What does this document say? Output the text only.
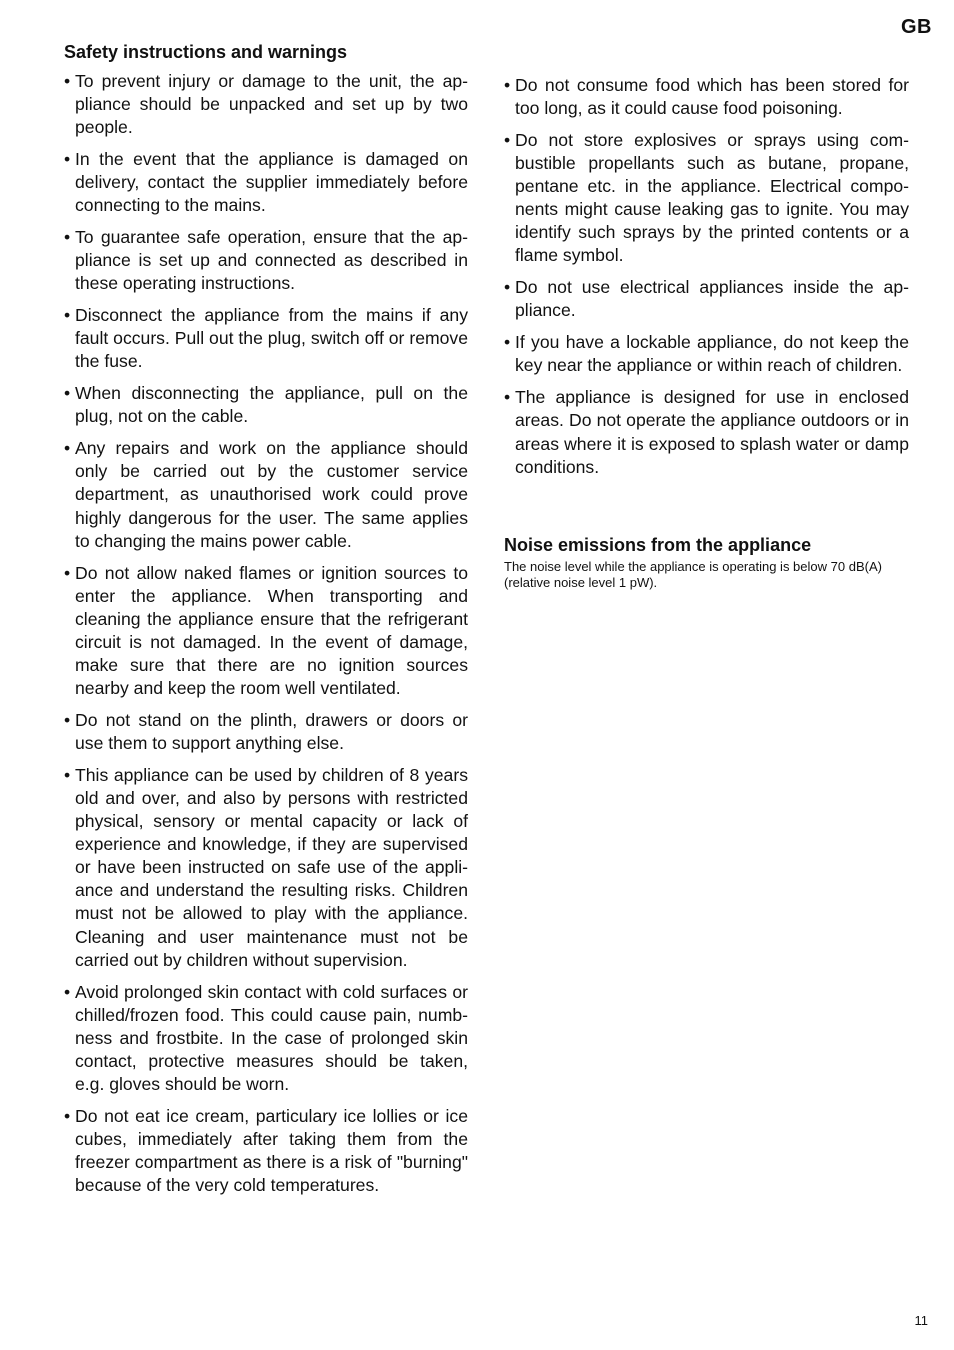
GB
Safety instructions and warnings
• To prevent injury or damage to the unit, the appliance should be unpacked and set up by two people.
• In the event that the appliance is damaged on delivery, contact the supplier immediately before connecting to the mains.
• To guarantee safe operation, ensure that the appliance is set up and connected as described in these operating instructions.
• Disconnect the appliance from the mains if any fault occurs. Pull out the plug, switch off or remove the fuse.
• When disconnecting the appliance, pull on the plug, not on the cable.
• Any repairs and work on the appliance should only be carried out by the customer service department, as unauthorised work could prove highly dangerous for the user. The same applies to changing the mains power cable.
• Do not allow naked flames or ignition sources to enter the appliance. When transporting and cleaning the appliance ensure that the refrigerant circuit is not damaged. In the event of damage, make sure that there are no ignition sources nearby and keep the room well ventilated.
• Do not stand on the plinth, drawers or doors or use them to support anything else.
• This appliance can be used by children of 8 years old and over, and also by persons with restricted physical, sensory or mental capacity or lack of experience and knowledge, if they are supervised or have been instructed on safe use of the appliance and understand the resulting risks. Children must not be allowed to play with the appliance. Cleaning and user maintenance must not be carried out by children without supervision.
• Avoid prolonged skin contact with cold surfaces or chilled/frozen food. This could cause pain, numbness and frostbite. In the case of prolonged skin contact, protective measures should be taken, e.g. gloves should be worn.
• Do not eat ice cream, particulary ice lollies or ice cubes, immediately after taking them from the freezer compartment as there is a risk of "burning" because of the very cold temperatures.
• Do not consume food which has been stored for too long, as it could cause food poisoning.
• Do not store explosives or sprays using combustible propellants such as butane, propane, pentane etc. in the appliance. Electrical components might cause leaking gas to ignite. You may identify such sprays by the printed contents or a flame symbol.
• Do not use electrical appliances inside the appliance.
• If you have a lockable appliance, do not keep the key near the appliance or within reach of children.
• The appliance is designed for use in enclosed areas. Do not operate the appliance outdoors or in areas where it is exposed to splash water or damp conditions.
Noise emissions from the appliance

The noise level while the appliance is operating is below 70 dB(A) (relative noise level 1 pW).

11
